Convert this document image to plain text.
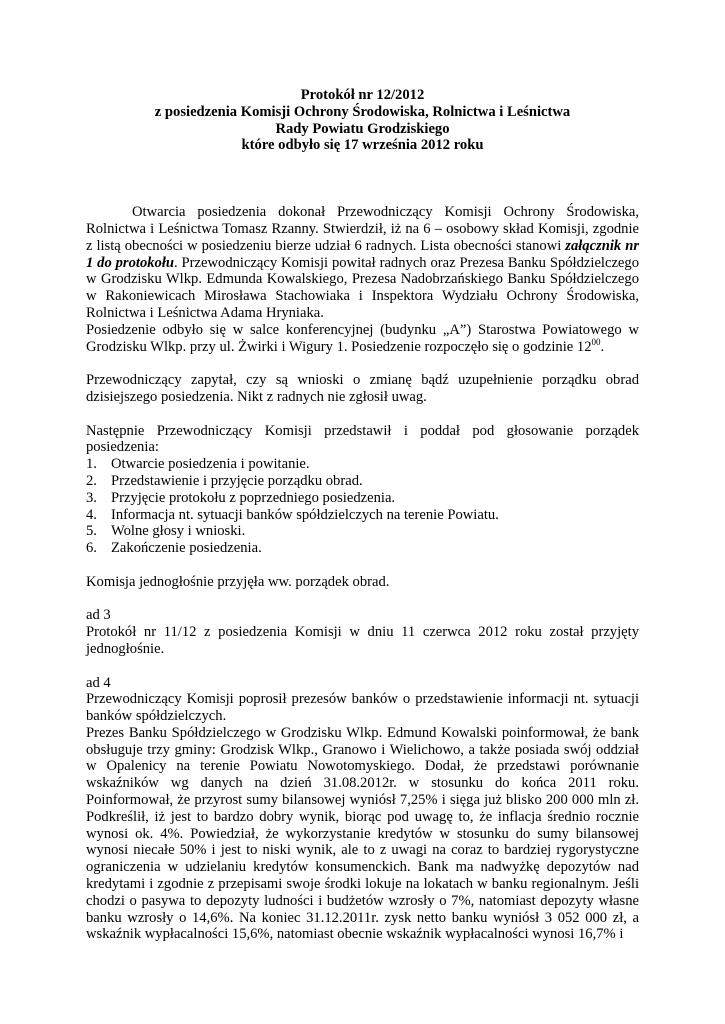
Protokół nr 12/2012
z posiedzenia Komisji Ochrony Środowiska, Rolnictwa i Leśnictwa
Rady Powiatu Grodziskiego
które odbyło się 17 września 2012 roku

Otwarcia posiedzenia dokonał Przewodniczący Komisji Ochrony Środowiska, Rolnictwa i Leśnictwa Tomasz Rzanny. Stwierdził, iż na 6 – osobowy skład Komisji, zgodnie z listą obecności w posiedzeniu bierze udział 6 radnych. Lista obecności stanowi załącznik nr 1 do protokołu. Przewodniczący Komisji powitał radnych oraz Prezesa Banku Spółdzielczego w Grodzisku Wlkp. Edmunda Kowalskiego, Prezesa Nadobrzańskiego Banku Spółdzielczego w Rakoniewicach Mirosława Stachowiaka i Inspektora Wydziału Ochrony Środowiska, Rolnictwa i Leśnictwa Adama Hryniaka.

Posiedzenie odbyło się w salce konferencyjnej (budynku „A”) Starostwa Powiatowego w Grodzisku Wlkp. przy ul. Żwirki i Wigury 1. Posiedzenie rozpoczęło się o godzinie $12^{00}$.

Przewodniczący zapytał, czy są wnioski o zmianę bądź uzupełnienie porządku obrad dzisiejszego posiedzenia. Nikt z radnych nie zgłosił uwag.

Następnie Przewodniczący Komisji przedstawił i poddał pod głosowanie porządek posiedzenia:

1. Otwarcie posiedzenia i powitanie.
2. Przedstawienie i przyjęcie porządku obrad.
3. Przyjęcie protokołu z poprzedniego posiedzenia.
4. Informacja nt. sytuacji banków spółdzielczych na terenie Powiatu.
5. Wolne głosy i wnioski.
6. Zakończenie posiedzenia.

Komisja jednogłośnie przyjęła ww. porządek obrad.

ad 3

Protokół nr 11/12 z posiedzenia Komisji w dniu 11 czerwca 2012 roku został przyjęty jednogłośnie.

ad 4

Przewodniczący Komisji poprosił prezesów banków o przedstawienie informacji nt. sytuacji banków spółdzielczych.

Prezes Banku Spółdzielczego w Grodzisku Wlkp. Edmund Kowalski poinformował, że bank obsługuje trzy gminy: Grodzisk Wlkp., Granowo i Wielichowo, a także posiada swój oddział w Opalenicy na terenie Powiatu Nowotomyskiego. Dodał, że przedstawi porównanie wskaźników wg danych na dzień 31.08.2012r. w stosunku do końca 2011 roku. Poinformował, że przyrost sumy bilansowej wyniósł 7,25% i sięga już blisko 200 000 mln zł. Podkreślił, iż jest to bardzo dobry wynik, biorąc pod uwagę to, że inflacja średnio rocznie wynosi ok. 4%. Powiedział, że wykorzystanie kredytów w stosunku do sumy bilansowej wynosi niecałe 50% i jest to niski wynik, ale to z uwagi na coraz to bardziej rygorystyczne ograniczenia w udzielaniu kredytów konsumenckich. Bank ma nadwyżkę depozytów nad kredytami i zgodnie z przepisami swoje środki lokuje na lokatach w banku regionalnym. Jeśli chodzi o pasywa to depozyty ludności i budżetów wzrosły o 7%, natomiast depozyty własne banku wzrosły o 14,6%. Na koniec 31.12.2011r. zysk netto banku wyniósł 3 052 000 zł, a wskaźnik wypłacalności 15,6%, natomiast obecnie wskaźnik wypłacalności wynosi 16,7% i
